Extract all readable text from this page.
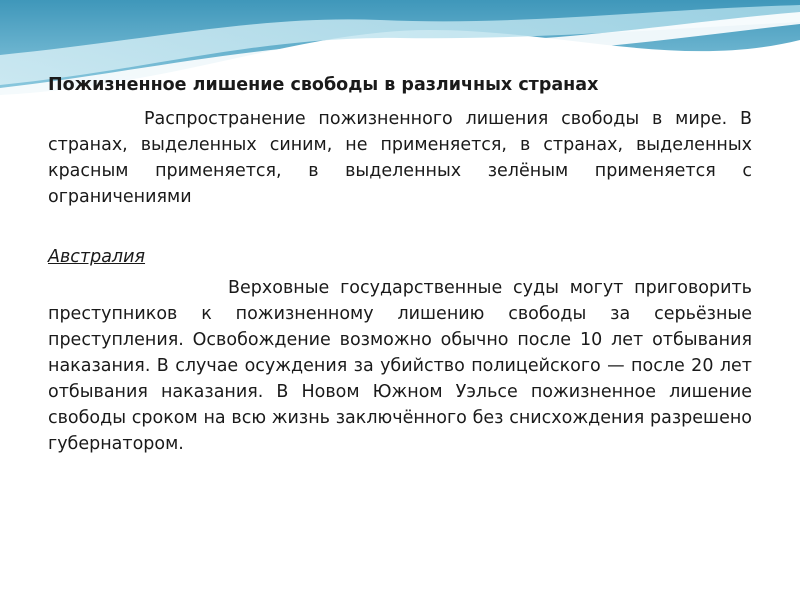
Пожизненное лишение свободы в различных странах

Распространение пожизненного лишения свободы в мире. В странах, выделенных синим, не применяется, в странах, выделенных красным применяется, в выделенных зелёным применяется с ограничениями

Австралия

Верховные государственные суды могут приговорить преступников к пожизненному лишению свободы за серьёзные преступления. Освобождение возможно обычно после 10 лет отбывания наказания. В случае осуждения за убийство полицейского — после 20 лет отбывания наказания. В Новом Южном Уэльсе пожизненное лишение свободы сроком на всю жизнь заключённого без снисхождения разрешено губернатором.
